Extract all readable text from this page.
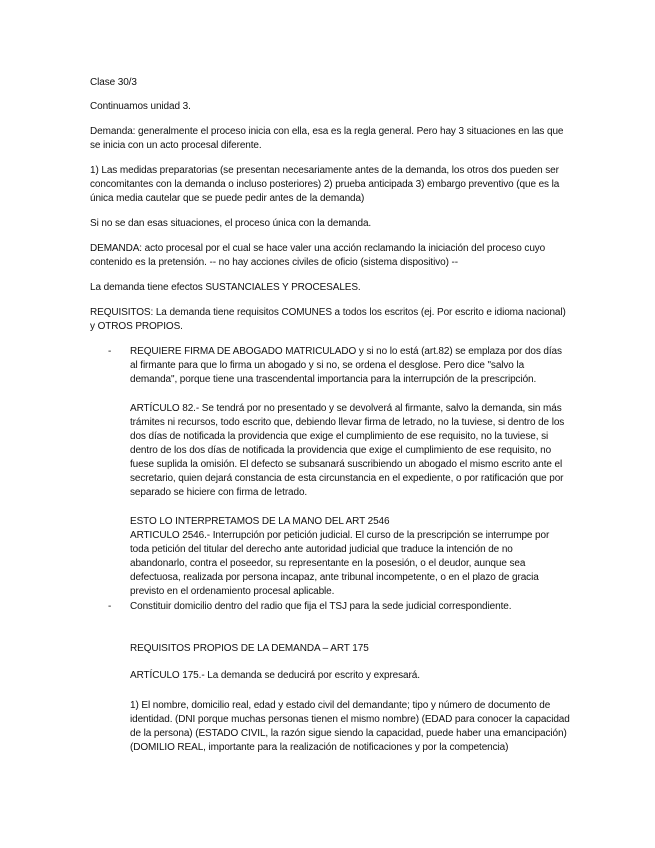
Clase 30/3

Continuamos unidad 3.

Demanda: generalmente el proceso inicia con ella, esa es la regla general. Pero hay 3 situaciones en las que se inicia con un acto procesal diferente.

1) Las medidas preparatorias (se presentan necesariamente antes de la demanda, los otros dos pueden ser concomitantes con la demanda o incluso posteriores) 2) prueba anticipada 3) embargo preventivo (que es la única media cautelar que se puede pedir antes de la demanda)

Si no se dan esas situaciones, el proceso única con la demanda.

DEMANDA: acto procesal por el cual se hace valer una acción reclamando la iniciación del proceso cuyo contenido es la pretensión. -- no hay acciones civiles de oficio (sistema dispositivo) --

La demanda tiene efectos SUSTANCIALES Y PROCESALES.

REQUISITOS: La demanda tiene requisitos COMUNES a todos los escritos (ej. Por escrito e idioma nacional) y OTROS PROPIOS.

- REQUIERE FIRMA DE ABOGADO MATRICULADO y si no lo está (art.82) se emplaza por dos días al firmante para que lo firma un abogado y si no, se ordena el desglose. Pero dice "salvo la demanda", porque tiene una trascendental importancia para la interrupción de la prescripción.

ARTÍCULO 82.- Se tendrá por no presentado y se devolverá al firmante, salvo la demanda, sin más trámites ni recursos, todo escrito que, debiendo llevar firma de letrado, no la tuviese, si dentro de los dos días de notificada la providencia que exige el cumplimiento de ese requisito, no la tuviese, si dentro de los dos días de notificada la providencia que exige el cumplimiento de ese requisito, no fuese suplida la omisión. El defecto se subsanará suscribiendo un abogado el mismo escrito ante el secretario, quien dejará constancia de esta circunstancia en el expediente, o por ratificación que por separado se hiciere con firma de letrado.

ESTO LO INTERPRETAMOS DE LA MANO DEL ART 2546

ARTICULO 2546.- Interrupción por petición judicial. El curso de la prescripción se interrumpe por toda petición del titular del derecho ante autoridad judicial que traduce la intención de no abandonarlo, contra el poseedor, su representante en la posesión, o el deudor, aunque sea defectuosa, realizada por persona incapaz, ante tribunal incompetente, o en el plazo de gracia previsto en el ordenamiento procesal aplicable.

- Constituir domicilio dentro del radio que fija el TSJ para la sede judicial correspondiente.

REQUISITOS PROPIOS DE LA DEMANDA – ART 175

ARTÍCULO 175.- La demanda se deducirá por escrito y expresará.

1) El nombre, domicilio real, edad y estado civil del demandante; tipo y número de documento de identidad. (DNI porque muchas personas tienen el mismo nombre) (EDAD para conocer la capacidad de la persona) (ESTADO CIVIL, la razón sigue siendo la capacidad, puede haber una emancipación) (DOMILIO REAL, importante para la realización de notificaciones y por la competencia)
